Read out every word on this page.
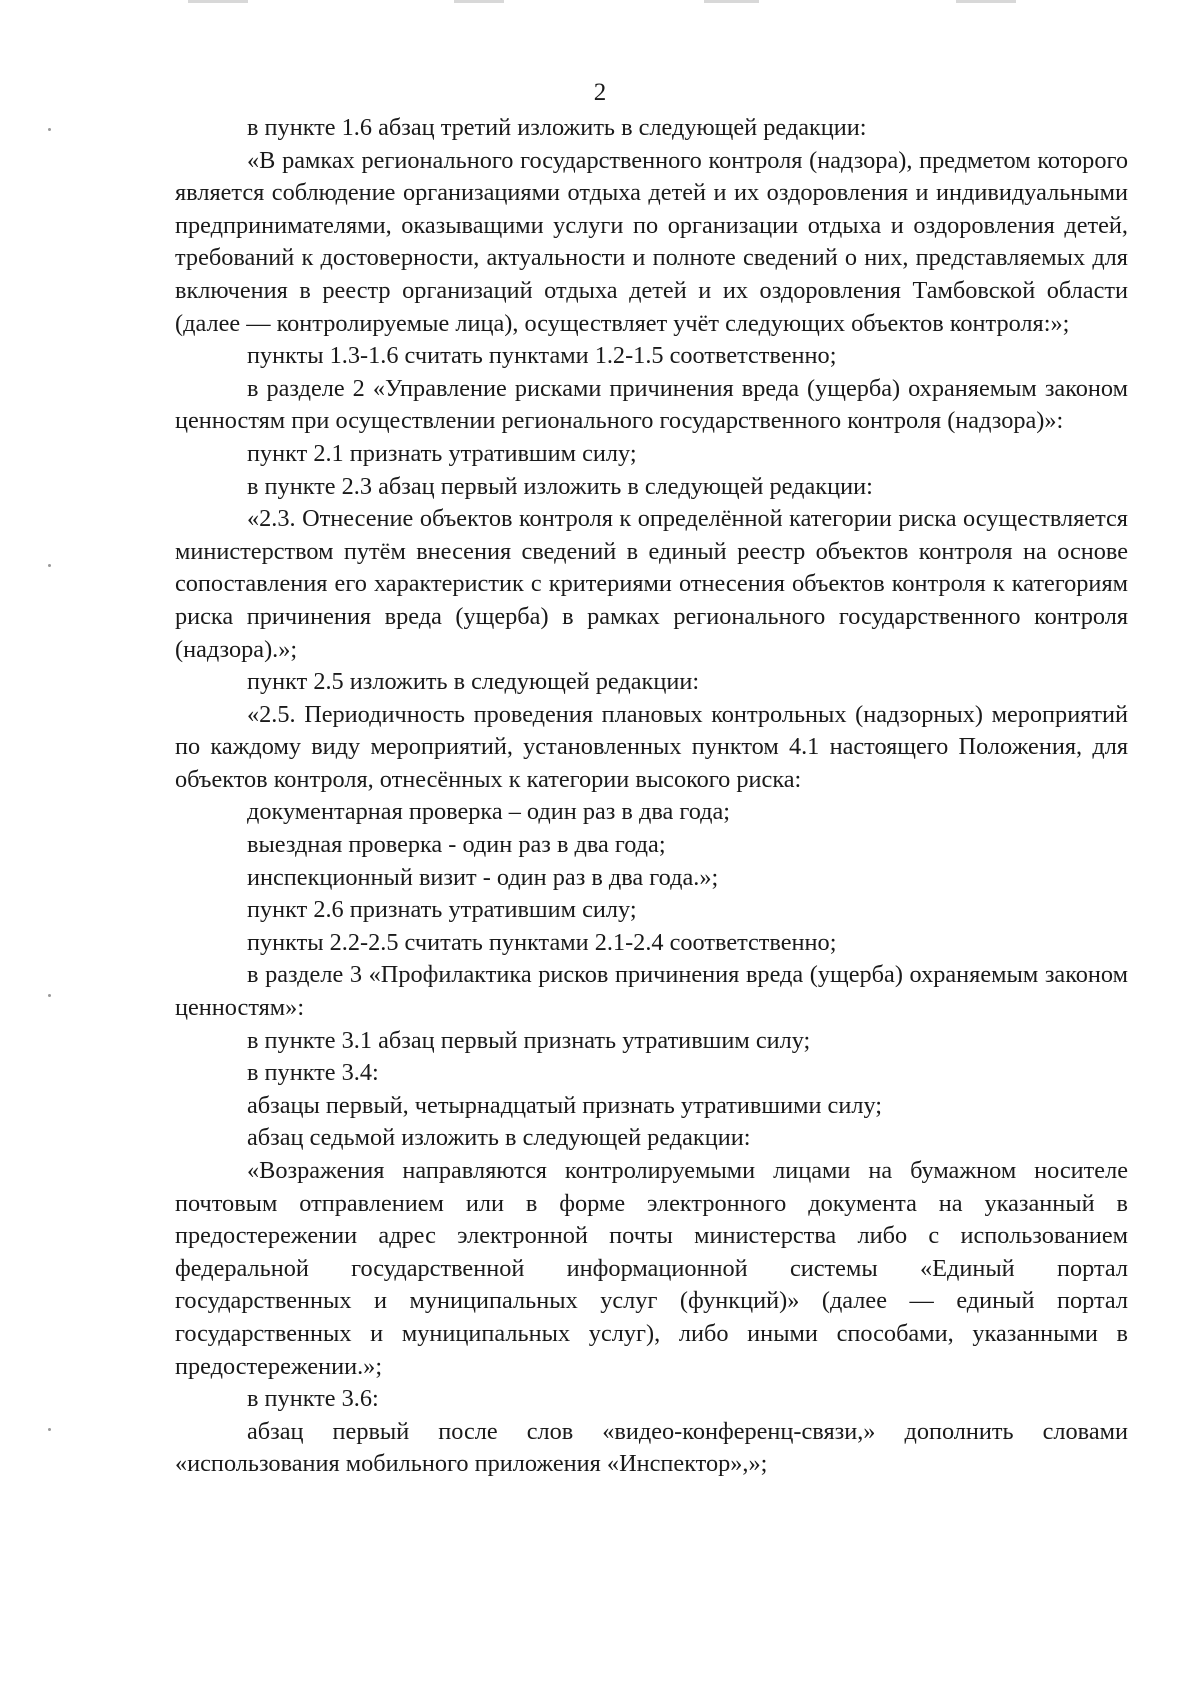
2

в пункте 1.6 абзац третий изложить в следующей редакции:

«В рамках регионального государственного контроля (надзора), предметом которого является соблюдение организациями отдыха детей и их оздоровления и индивидуальными предпринимателями, оказыващими услуги по организации отдыха и оздоровления детей, требований к достоверности, актуальности и полноте сведений о них, представляемых для включения в реестр организаций отдыха детей и их оздоровления Тамбовской области (далее — контролируемые лица), осуществляет учёт следующих объектов контроля:»;

пункты 1.3-1.6 считать пунктами 1.2-1.5 соответственно;

в разделе 2 «Управление рисками причинения вреда (ущерба) охраняемым законом ценностям при осуществлении регионального государственного контроля (надзора)»:

пункт 2.1 признать утратившим силу;

в пункте 2.3 абзац первый изложить в следующей редакции:

«2.3. Отнесение объектов контроля к определённой категории риска осуществляется министерством путём внесения сведений в единый реестр объектов контроля на основе сопоставления его характеристик с критериями отнесения объектов контроля к категориям риска причинения вреда (ущерба) в рамках регионального государственного контроля (надзора).»;

пункт 2.5 изложить в следующей редакции:

«2.5. Периодичность проведения плановых контрольных (надзорных) мероприятий по каждому виду мероприятий, установленных пунктом 4.1 настоящего Положения, для объектов контроля, отнесённых к категории высокого риска:

документарная проверка – один раз в два года;

выездная проверка - один раз в два года;

инспекционный визит - один раз в два года.»;

пункт 2.6 признать утратившим силу;

пункты 2.2-2.5 считать пунктами 2.1-2.4 соответственно;

в разделе 3 «Профилактика рисков причинения вреда (ущерба) охраняемым законом ценностям»:

в пункте 3.1 абзац первый признать утратившим силу;

в пункте 3.4:

абзацы первый, четырнадцатый признать утратившими силу;

абзац седьмой изложить в следующей редакции:

«Возражения направляются контролируемыми лицами на бумажном носителе почтовым отправлением или в форме электронного документа на указанный в предостережении адрес электронной почты министерства либо с использованием федеральной государственной информационной системы «Единый портал государственных и муниципальных услуг (функций)» (далее — единый портал государственных и муниципальных услуг), либо иными способами, указанными в предостережении.»;

в пункте 3.6:

абзац первый после слов «видео-конференц-связи,» дополнить словами «использования мобильного приложения «Инспектор»,»;
